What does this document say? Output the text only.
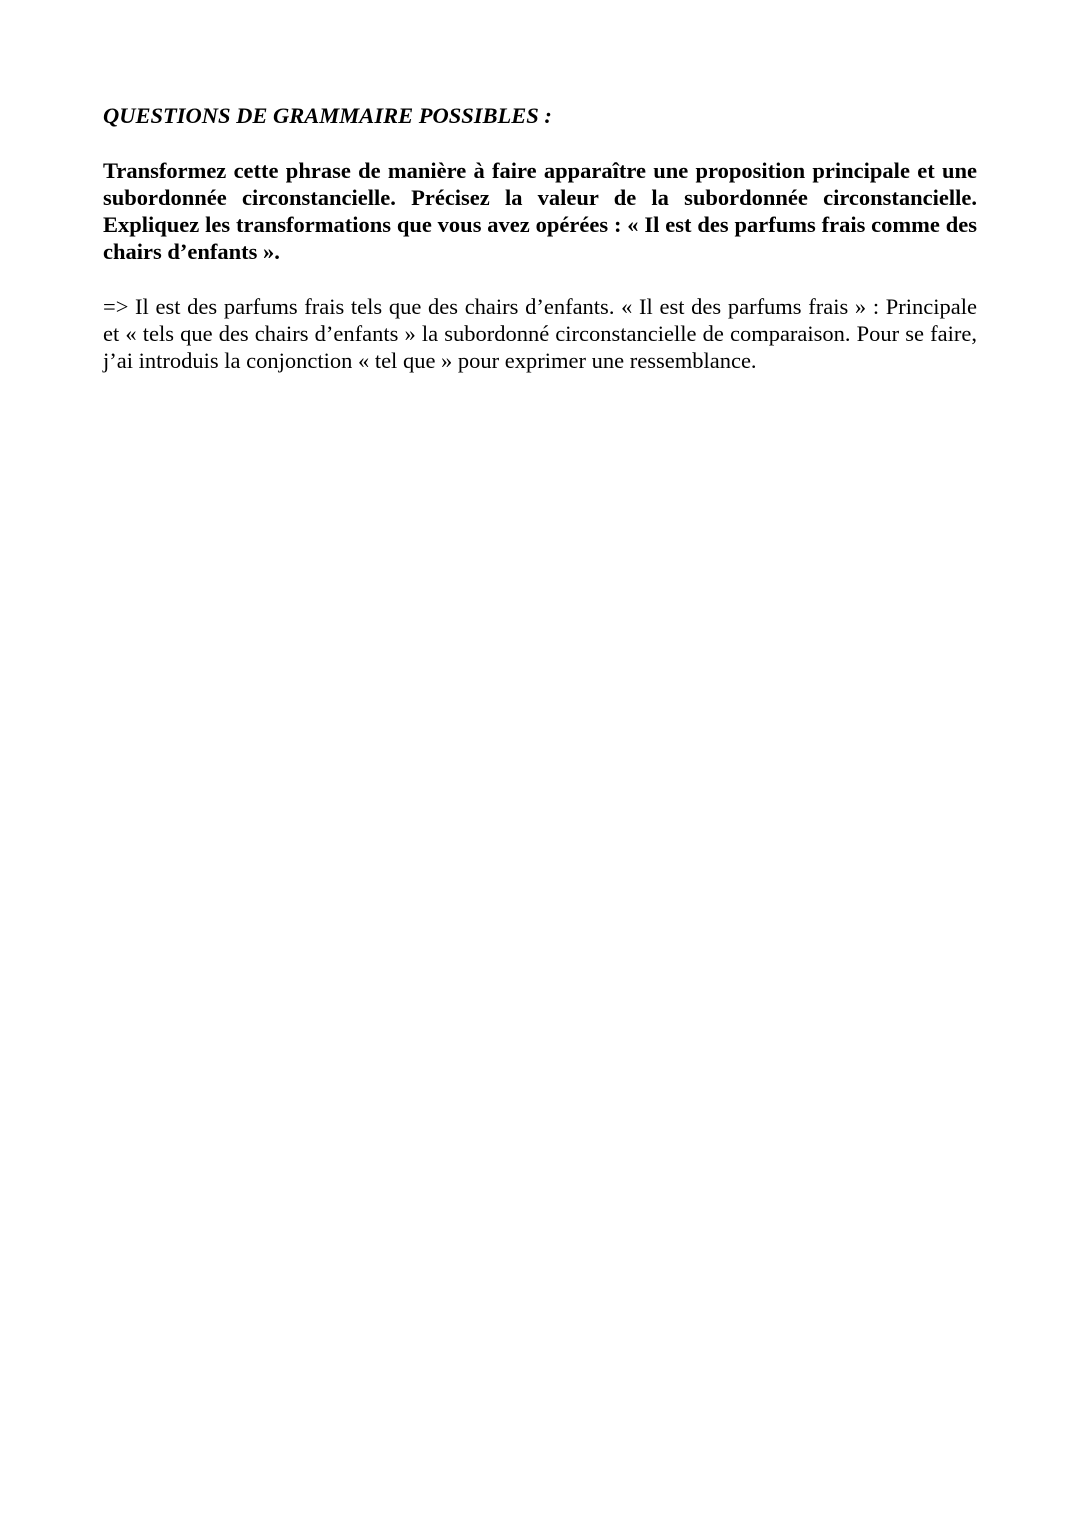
QUESTIONS DE GRAMMAIRE POSSIBLES :

Transformez cette phrase de manière à faire apparaître une proposition principale et une subordonnée circonstancielle. Précisez la valeur de la subordonnée circonstancielle. Expliquez les transformations que vous avez opérées : « Il est des parfums frais comme des chairs d’enfants ».

=> Il est des parfums frais tels que des chairs d’enfants. « Il est des parfums frais » : Principale et « tels que des chairs d’enfants » la subordonné circonstancielle de comparaison. Pour se faire, j’ai introduis la conjonction « tel que » pour exprimer une ressemblance.
